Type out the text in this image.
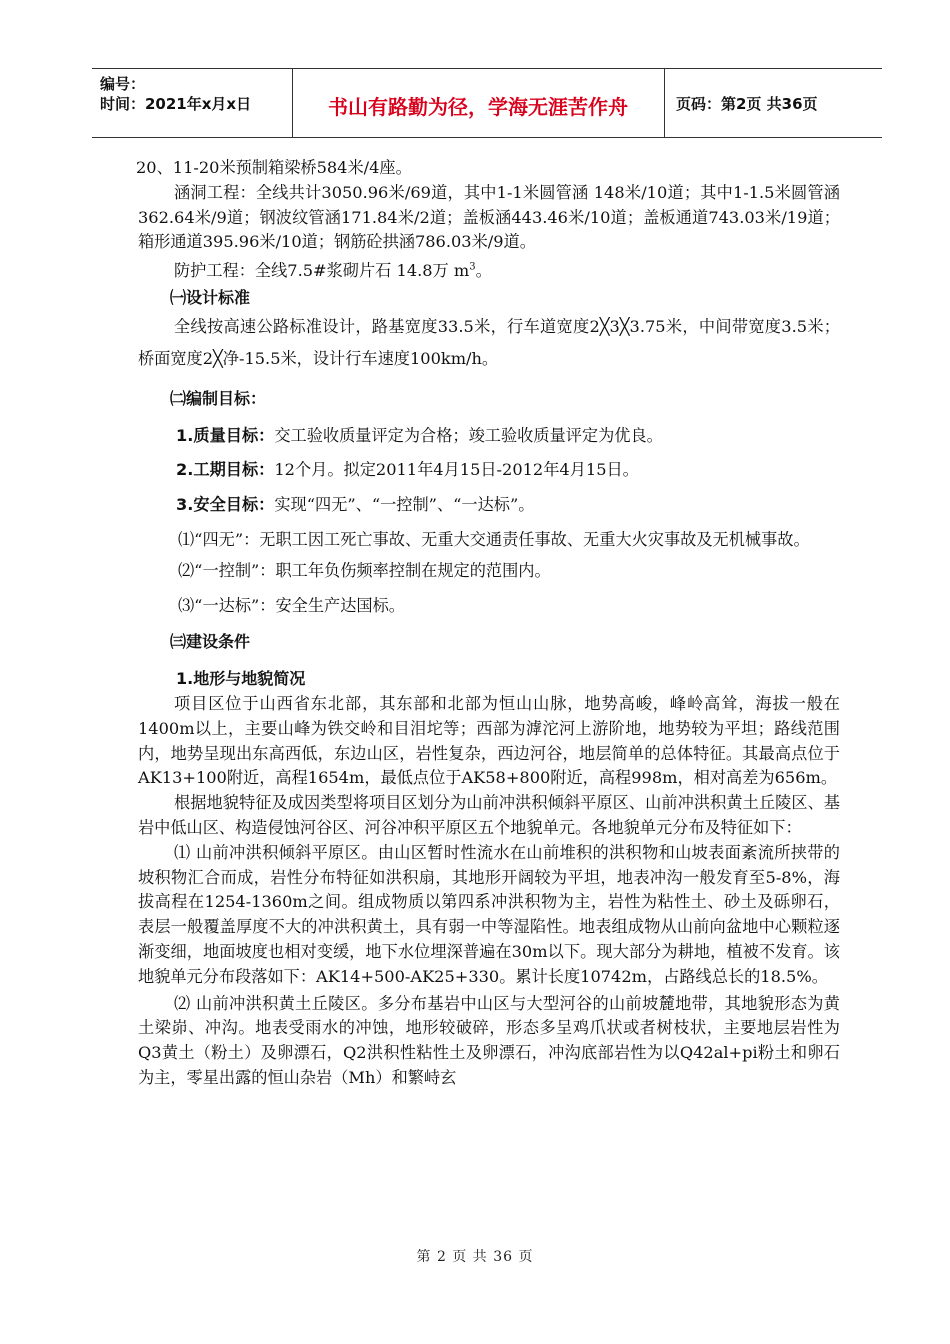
编号：
时间：2021年x月x日	书山有路勤为径，学海无涯苦作舟	页码：第2页 共36页

20、11-20米预制箱梁桥584米/4座。

涵洞工程：全线共计3050.96米/69道，其中1-1米圆管涵 148米/10道；其中1-1.5米圆管涵 362.64米/9道；钢波纹管涵171.84米/2道；盖板涵443.46米/10道；盖板通道743.03米/19道；箱形通道395.96米/10道；钢筋砼拱涵786.03米/9道。

防护工程：全线7.5#浆砌片石 14.8万 $m^3$。

㈠设计标准

全线按高速公路标准设计，路基宽度33.5米，行车道宽度2╳3╳3.75米，中间带宽度3.5米；桥面宽度2╳净-15.5米，设计行车速度100km/h。

㈡编制目标：

1.质量目标：交工验收质量评定为合格；竣工验收质量评定为优良。

2.工期目标：12个月。拟定2011年4月15日-2012年4月15日。

3.安全目标：实现“四无”、“一控制”、“一达标”。

⑴“四无”：无职工因工死亡事故、无重大交通责任事故、无重大火灾事故及无机械事故。

⑵“一控制”：职工年负伤频率控制在规定的范围内。

⑶“一达标”：安全生产达国标。

㈢建设条件

1.地形与地貌简况

项目区位于山西省东北部，其东部和北部为恒山山脉，地势高峻，峰岭高耸，海拔一般在1400m以上，主要山峰为铁交岭和目泪坨等；西部为滹沱河上游阶地，地势较为平坦；路线范围内，地势呈现出东高西低，东边山区，岩性复杂，西边河谷，地层简单的总体特征。其最高点位于AK13+100附近，高程1654m，最低点位于AK58+800附近，高程998m，相对高差为656m。

根据地貌特征及成因类型将项目区划分为山前冲洪积倾斜平原区、山前冲洪积黄土丘陵区、基岩中低山区、构造侵蚀河谷区、河谷冲积平原区五个地貌单元。各地貌单元分布及特征如下：

⑴ 山前冲洪积倾斜平原区。由山区暂时性流水在山前堆积的洪积物和山坡表面紊流所挟带的坡积物汇合而成，岩性分布特征如洪积扇，其地形开阔较为平坦，地表冲沟一般发育至5-8%，海拔高程在1254-1360m之间。组成物质以第四系冲洪积物为主，岩性为粘性土、砂土及砾卵石，表层一般覆盖厚度不大的冲洪积黄土，具有弱一中等湿陷性。地表组成物从山前向盆地中心颗粒逐渐变细，地面坡度也相对变缓，地下水位埋深普遍在30m以下。现大部分为耕地，植被不发育。该地貌单元分布段落如下：AK14+500-AK25+330。累计长度10742m，占路线总长的18.5%。

⑵ 山前冲洪积黄土丘陵区。多分布基岩中山区与大型河谷的山前坡麓地带，其地貌形态为黄土梁峁、冲沟。地表受雨水的冲蚀，地形较破碎，形态多呈鸡爪状或者树枝状，主要地层岩性为Q3黄土（粉土）及卵漂石，Q2洪积性粘性土及卵漂石，冲沟底部岩性为以Q42al+pi粉土和卵石为主，零星出露的恒山杂岩（Mh）和繁峙玄

第 2 页 共 36 页
